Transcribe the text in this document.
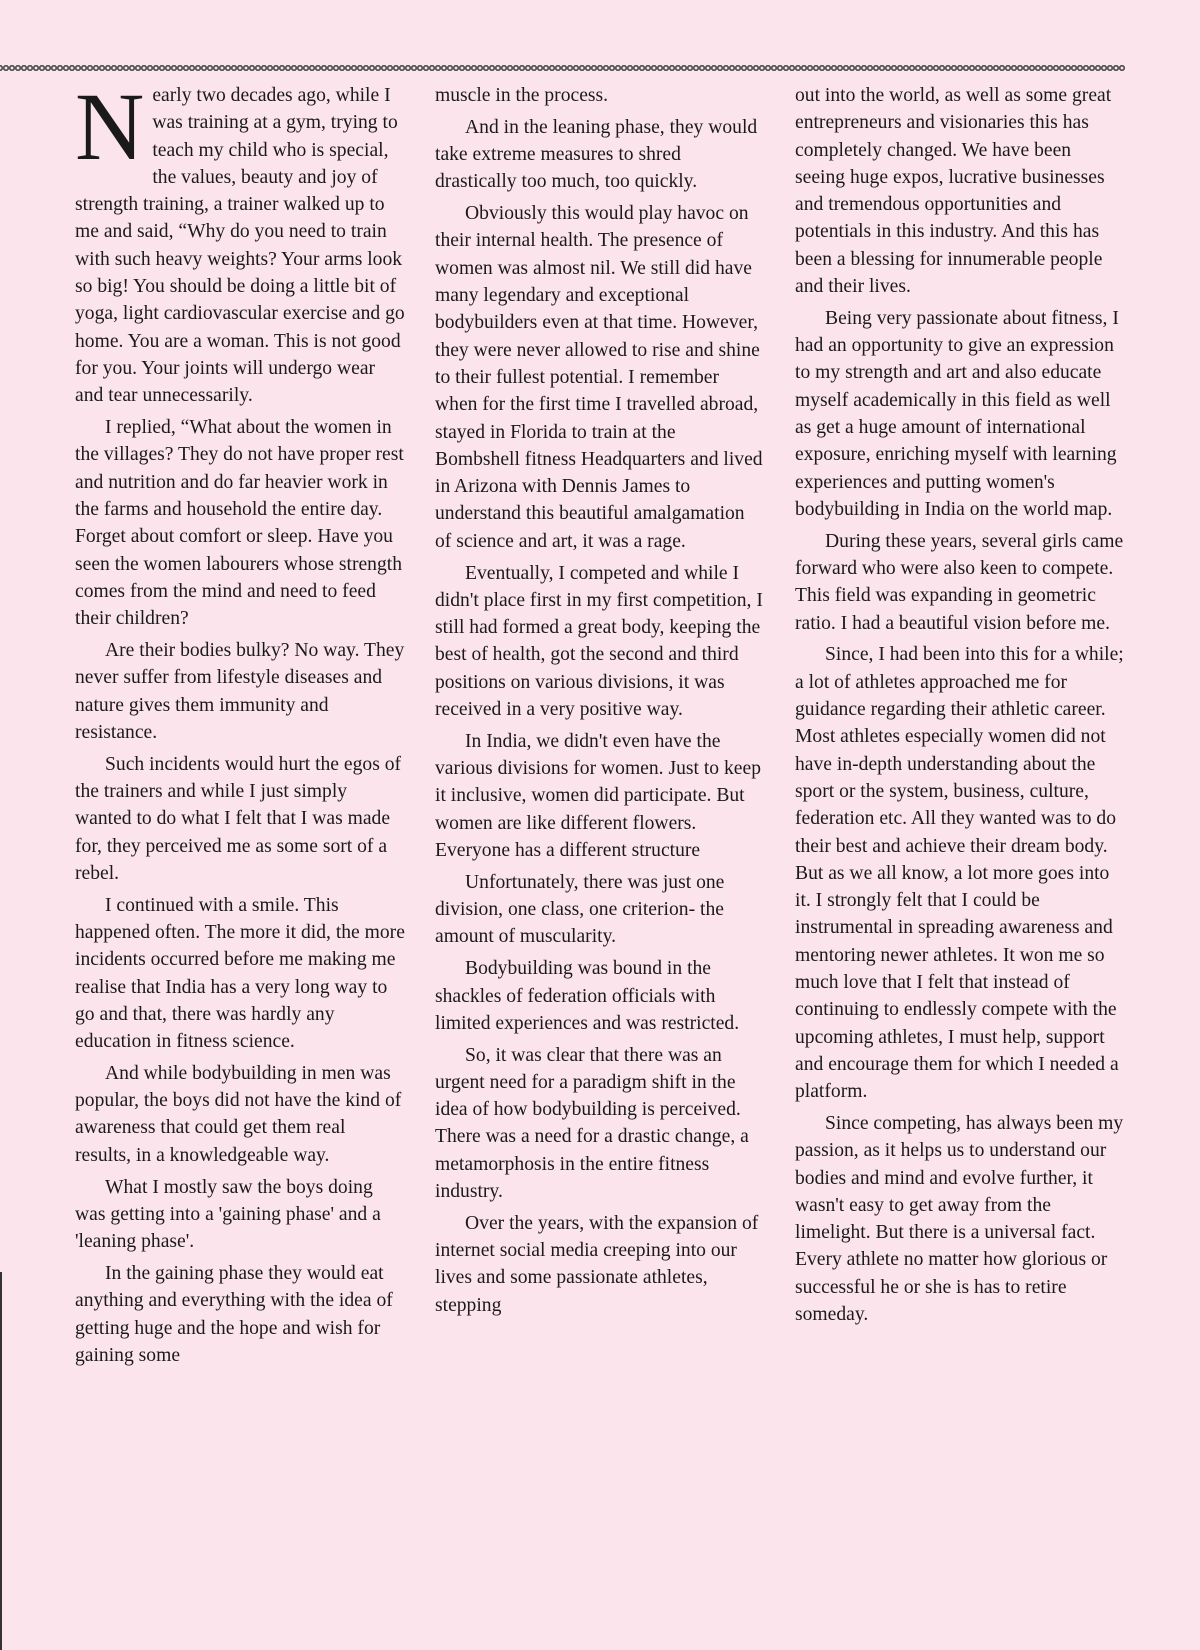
Nearly two decades ago, while I was training at a gym, trying to teach my child who is special, the values, beauty and joy of strength training, a trainer walked up to me and said, “Why do you need to train with such heavy weights? Your arms look so big! You should be doing a little bit of yoga, light cardiovascular exercise and go home. You are a woman. This is not good for you. Your joints will undergo wear and tear unnecessarily.

I replied, “What about the women in the villages? They do not have proper rest and nutrition and do far heavier work in the farms and household the entire day. Forget about comfort or sleep. Have you seen the women labourers whose strength comes from the mind and need to feed their children?

Are their bodies bulky? No way. They never suffer from lifestyle diseases and nature gives them immunity and resistance.

Such incidents would hurt the egos of the trainers and while I just simply wanted to do what I felt that I was made for, they perceived me as some sort of a rebel.

I continued with a smile. This happened often. The more it did, the more incidents occurred before me making me realise that India has a very long way to go and that, there was hardly any education in fitness science.

And while bodybuilding in men was popular, the boys did not have the kind of awareness that could get them real results, in a knowledgeable way.

What I mostly saw the boys doing was getting into a 'gaining phase' and a 'leaning phase'.

In the gaining phase they would eat anything and everything with the idea of getting huge and the hope and wish for gaining some

muscle in the process.

And in the leaning phase, they would take extreme measures to shred drastically too much, too quickly.

Obviously this would play havoc on their internal health. The presence of women was almost nil. We still did have many legendary and exceptional bodybuilders even at that time. However, they were never allowed to rise and shine to their fullest potential. I remember when for the first time I travelled abroad, stayed in Florida to train at the Bombshell fitness Headquarters and lived in Arizona with Dennis James to understand this beautiful amalgamation of science and art, it was a rage.

Eventually, I competed and while I didn't place first in my first competition, I still had formed a great body, keeping the best of health, got the second and third positions on various divisions, it was received in a very positive way.

In India, we didn't even have the various divisions for women. Just to keep it inclusive, women did participate. But women are like different flowers. Everyone has a different structure

Unfortunately, there was just one division, one class, one criterion- the amount of muscularity.

Bodybuilding was bound in the shackles of federation officials with limited experiences and was restricted.

So, it was clear that there was an urgent need for a paradigm shift in the idea of how bodybuilding is perceived. There was a need for a drastic change, a metamorphosis in the entire fitness industry.

Over the years, with the expansion of internet social media creeping into our lives and some passionate athletes, stepping

out into the world, as well as some great entrepreneurs and visionaries this has completely changed. We have been seeing huge expos, lucrative businesses and tremendous opportunities and potentials in this industry. And this has been a blessing for innumerable people and their lives.

Being very passionate about fitness, I had an opportunity to give an expression to my strength and art and also educate myself academically in this field as well as get a huge amount of international exposure, enriching myself with learning experiences and putting women's bodybuilding in India on the world map.

During these years, several girls came forward who were also keen to compete. This field was expanding in geometric ratio. I had a beautiful vision before me.

Since, I had been into this for a while; a lot of athletes approached me for guidance regarding their athletic career. Most athletes especially women did not have in-depth understanding about the sport or the system, business, culture, federation etc. All they wanted was to do their best and achieve their dream body. But as we all know, a lot more goes into it. I strongly felt that I could be instrumental in spreading awareness and mentoring newer athletes. It won me so much love that I felt that instead of continuing to endlessly compete with the upcoming athletes, I must help, support and encourage them for which I needed a platform.

Since competing, has always been my passion, as it helps us to understand our bodies and mind and evolve further, it wasn't easy to get away from the limelight. But there is a universal fact. Every athlete no matter how glorious or successful he or she is has to retire someday.
